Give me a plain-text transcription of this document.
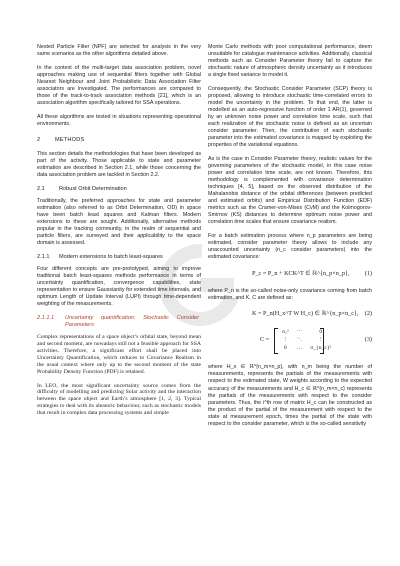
Nested Particle Filter (NPF) are selected for analysis in the very same scenarios as the other algorithms detailed above.

In the context of the multi-target data association problem, novel approaches making use of sequential filters together with Global Nearest Neighbour and Joint Probabilistic Data Association Filter associators are investigated. The performances are compared to those of the track-to-track association methods [21], which is an association algorithm specifically tailored for SSA operations.

All these algorithms are tested in situations representing operational environments.

2	METHODS

This section details the methodologies that have been developed as part of the activity. Those applicable to state and parameter estimation are described in Section 2.1, while those concerning the data association problem are tackled in Section 2.2.

2.1	Robust Orbit Determination

Traditionally, the preferred approaches for state and parameter estimation (also referred to as Orbit Determination, OD) in space have been batch least squares and Kalman filters. Modern extensions to these are sought. Additionally, alternative methods popular in the tracking community, in the realm of sequential and particle filters, are surveyed and their applicability to the space domain is assessed.

2.1.1 Modern extensions to batch least-squares

Four different concepts are pre-prototyped, aiming to improve traditional batch least-squares methods performance in terms of uncertainty quantification, convergence capabilities, state representation to ensure Gaussianity for extended time intervals, and optimum Length of Update Interval (LUPI) through time-dependent weighting of the measurements.

2.1.1.1 Uncertainty quantification: Stochastic Consider Parameters

Complex representations of a space object’s orbital state, beyond mean and second moment, are nowadays still not a feasible approach for SSA activities. Therefore, a significant effort shall be placed into Uncertainty Quantification, which reduces to Covariance Realism in the usual context where only up to the second moment of the state Probability Density Function (PDF) is retained.

In LEO, the most significant uncertainty source comes from the difficulty of modelling and predicting Solar activity and the interaction between the space object and Earth’s atmosphere [1, 2, 3]. Typical strategies to deal with its aleatoric behaviour, such as stochastic models that result in complex data processing systems and simple

Monte Carlo methods with poor computational performance, deem unsuitable for catalogue maintenance activities. Additionally, classical methods such as Consider Parameter theory fail to capture the stochastic nature of atmospheric density uncertainty as it introduces a single fixed variance to model it.

Consequently, the Stochastic Consider Parameter (SCP) theory is proposed, allowing to introduce stochastic time-correlated errors to model the uncertainty in the problem. To that end, the latter is modelled as an auto-regressive function of order 1 AR(1), governed by an unknown noise power and correlation time scale, such that each realization of the stochastic noise is defined as an uncertain consider parameter. Then, the contribution of each stochastic parameter into the estimated covariance is mapped by exploiting the properties of the variational equations.

As is the case in Consider Parameter theory, realistic values for the governing parameters of the stochastic model, in this case noise power and correlation time scale, are not known. Therefore, this methodology is complemented with covariance determination techniques [4, 5], based on the observed distribution of the Mahalanobis distance of the orbital differences (between predicted and estimated orbits) and Empirical Distribution Function (EDF) metrics such as the Cramer-von-Mises (CvM) and the Kolmogorov-Smirnov (KS) distances to determine optimum noise power and correlation time scales that ensure covariance realism.

For a batch estimation process where n_p parameters are being estimated, consider parameter theory allows to include any unaccounted uncertainty (n_c consider parameters) into the estimated covariance:

P_c = P_n + KCK^T ∈ ℝ^{n_p×n_p}, (1)

where P_n is the so-called noise-only covariance coming from batch estimation, and K, C are defined as:

K = P_n(H_x^T W H_c) ∈ ℝ^{n_p×n_c}, (2)
C =
σ₁²	⋯	0
⋮	⋱	⋮
0	…	σ_{n_c}²
(3)

where H_x ∈ ℝ^{n_m×n_p}, with n_m being the number of measurements, represents the partials of the measurements with respect to the estimated state, W weights according to the expected accuracy of the measurements and H_c ∈ ℝ^{n_m×n_c} represents the partials of the measurements with respect to the consider parameters. Thus, the i^th row of matrix H_c can be constructed as the product of the partial of the measurement with respect to the state at measurement epoch, times the partial of the state with respect to the consider parameter, which is the so-called sensitivity
